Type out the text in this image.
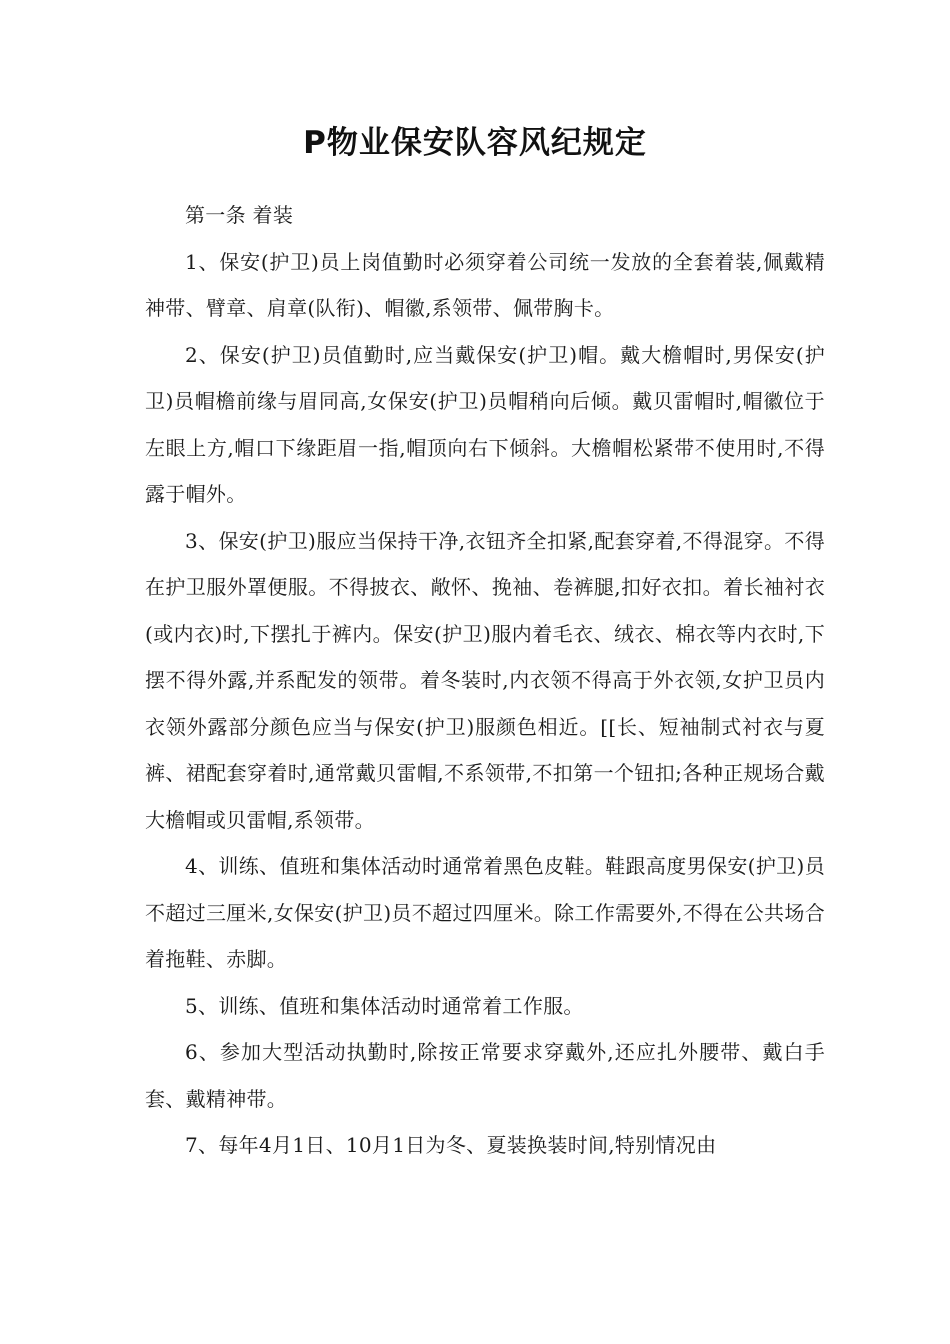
P物业保安队容风纪规定

第一条 着装

1、保安(护卫)员上岗值勤时必须穿着公司统一发放的全套着装,佩戴精神带、臂章、肩章(队衔)、帽徽,系领带、佩带胸卡。

2、保安(护卫)员值勤时,应当戴保安(护卫)帽。戴大檐帽时,男保安(护卫)员帽檐前缘与眉同高,女保安(护卫)员帽稍向后倾。戴贝雷帽时,帽徽位于左眼上方,帽口下缘距眉一指,帽顶向右下倾斜。大檐帽松紧带不使用时,不得露于帽外。

3、保安(护卫)服应当保持干净,衣钮齐全扣紧,配套穿着,不得混穿。不得在护卫服外罩便服。不得披衣、敞怀、挽袖、卷裤腿,扣好衣扣。着长袖衬衣(或内衣)时,下摆扎于裤内。保安(护卫)服内着毛衣、绒衣、棉衣等内衣时,下摆不得外露,并系配发的领带。着冬装时,内衣领不得高于外衣领,女护卫员内衣领外露部分颜色应当与保安(护卫)服颜色相近。[[长、短袖制式衬衣与夏裤、裙配套穿着时,通常戴贝雷帽,不系领带,不扣第一个钮扣;各种正规场合戴大檐帽或贝雷帽,系领带。

4、训练、值班和集体活动时通常着黑色皮鞋。鞋跟高度男保安(护卫)员不超过三厘米,女保安(护卫)员不超过四厘米。除工作需要外,不得在公共场合着拖鞋、赤脚。

5、训练、值班和集体活动时通常着工作服。

6、参加大型活动执勤时,除按正常要求穿戴外,还应扎外腰带、戴白手套、戴精神带。

7、每年4月1日、10月1日为冬、夏装换装时间,特别情况由
